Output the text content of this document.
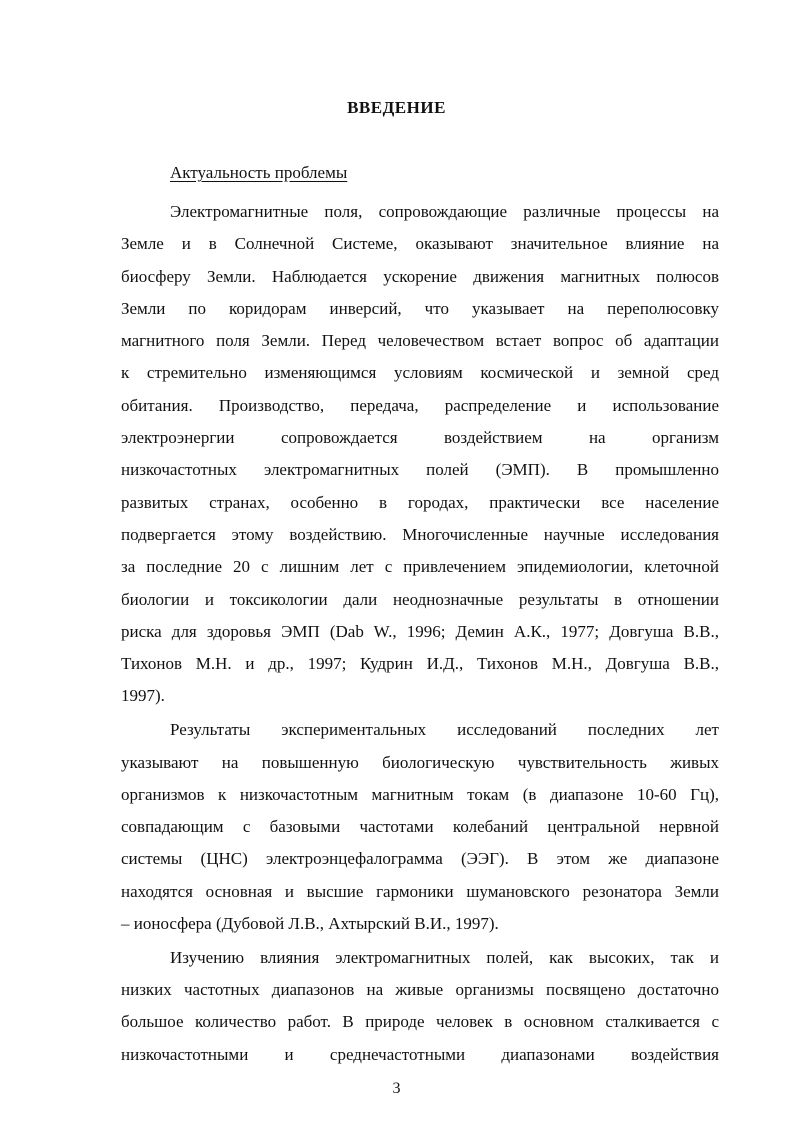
ВВЕДЕНИЕ
Актуальность проблемы
Электромагнитные поля, сопровождающие различные процессы на
Земле и в Солнечной Системе, оказывают значительное влияние на
биосферу Земли. Наблюдается ускорение движения магнитных полюсов
Земли по коридорам инверсий, что указывает на переполюсовку
магнитного поля Земли. Перед человечеством встает вопрос об адаптации
к стремительно изменяющимся условиям космической и земной сред
обитания. Производство, передача, распределение и использование
электроэнергии сопровождается воздействием на организм
низкочастотных электромагнитных полей (ЭМП). В промышленно
развитых странах, особенно в городах, практически все население
подвергается этому воздействию. Многочисленные научные исследования
за последние 20 с лишним лет с привлечением эпидемиологии, клеточной
биологии и токсикологии дали неоднозначные результаты в отношении
риска для здоровья ЭМП (Dab W., 1996; Демин А.К., 1977; Довгуша В.В.,
Тихонов М.Н. и др., 1997; Кудрин И.Д., Тихонов М.Н., Довгуша В.В.,
1997).
Результаты экспериментальных исследований последних лет
указывают на повышенную биологическую чувствительность живых
организмов к низкочастотным магнитным токам (в диапазоне 10-60 Гц),
совпадающим с базовыми частотами колебаний центральной нервной
системы (ЦНС) электроэнцефалограмма (ЭЭГ). В этом же диапазоне
находятся основная и высшие гармоники шумановского резонатора Земли
– ионосфера (Дубовой Л.В., Ахтырский В.И., 1997).
Изучению влияния электромагнитных полей, как высоких, так и
низких частотных диапазонов на живые организмы посвящено достаточно
большое количество работ. В природе человек в основном сталкивается с
низкочастотными и среднечастотными диапазонами воздействия
3
